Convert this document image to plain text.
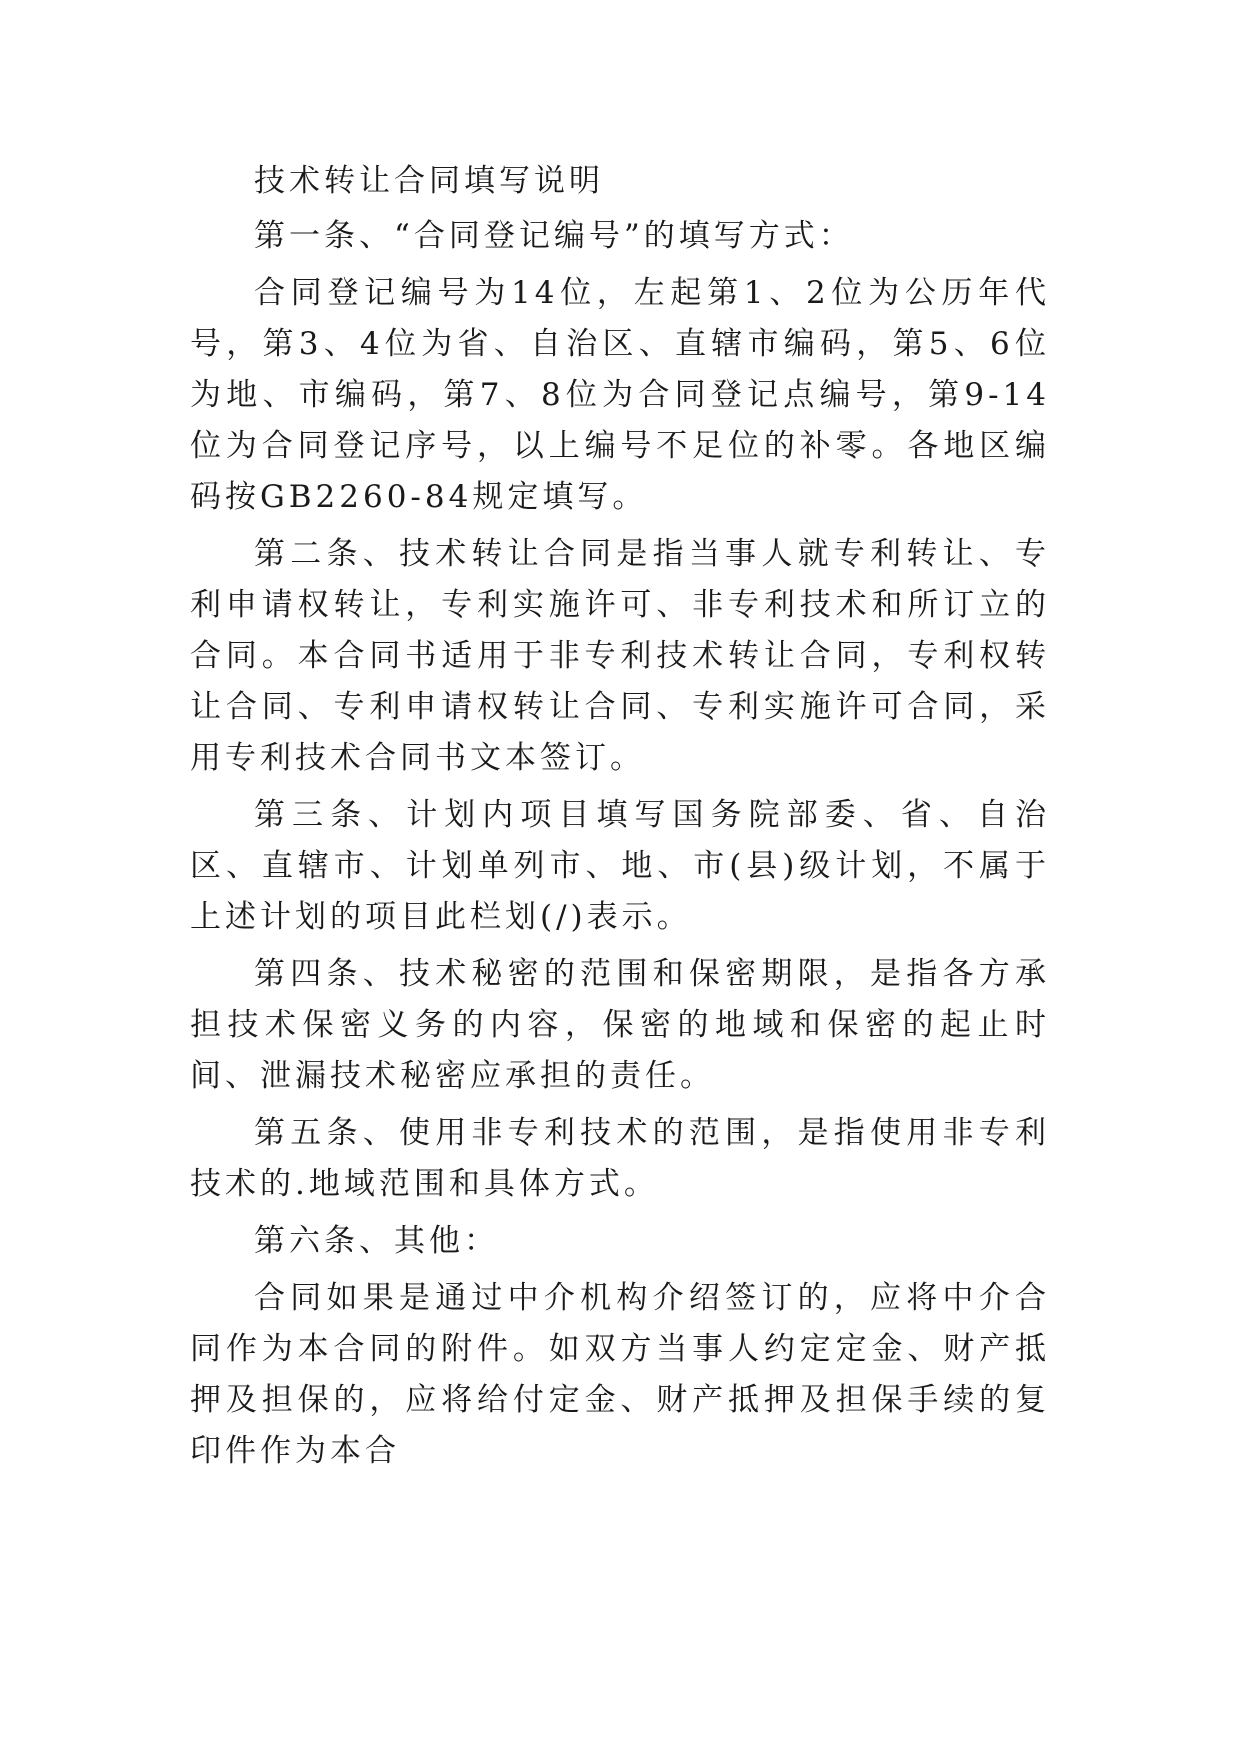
技术转让合同填写说明

第一条、“合同登记编号”的填写方式：

合同登记编号为14位，左起第1、2位为公历年代号，第3、4位为省、自治区、直辖市编码，第5、6位为地、市编码，第7、8位为合同登记点编号，第9-14位为合同登记序号，以上编号不足位的补零。各地区编码按GB2260-84规定填写。

第二条、技术转让合同是指当事人就专利转让、专利申请权转让，专利实施许可、非专利技术和所订立的合同。本合同书适用于非专利技术转让合同，专利权转让合同、专利申请权转让合同、专利实施许可合同，采用专利技术合同书文本签订。

第三条、计划内项目填写国务院部委、省、自治区、直辖市、计划单列市、地、市(县)级计划，不属于上述计划的项目此栏划(/)表示。

第四条、技术秘密的范围和保密期限，是指各方承担技术保密义务的内容，保密的地域和保密的起止时间、泄漏技术秘密应承担的责任。

第五条、使用非专利技术的范围，是指使用非专利技术的.地域范围和具体方式。

第六条、其他：

合同如果是通过中介机构介绍签订的，应将中介合同作为本合同的附件。如双方当事人约定定金、财产抵押及担保的，应将给付定金、财产抵押及担保手续的复印件作为本合
